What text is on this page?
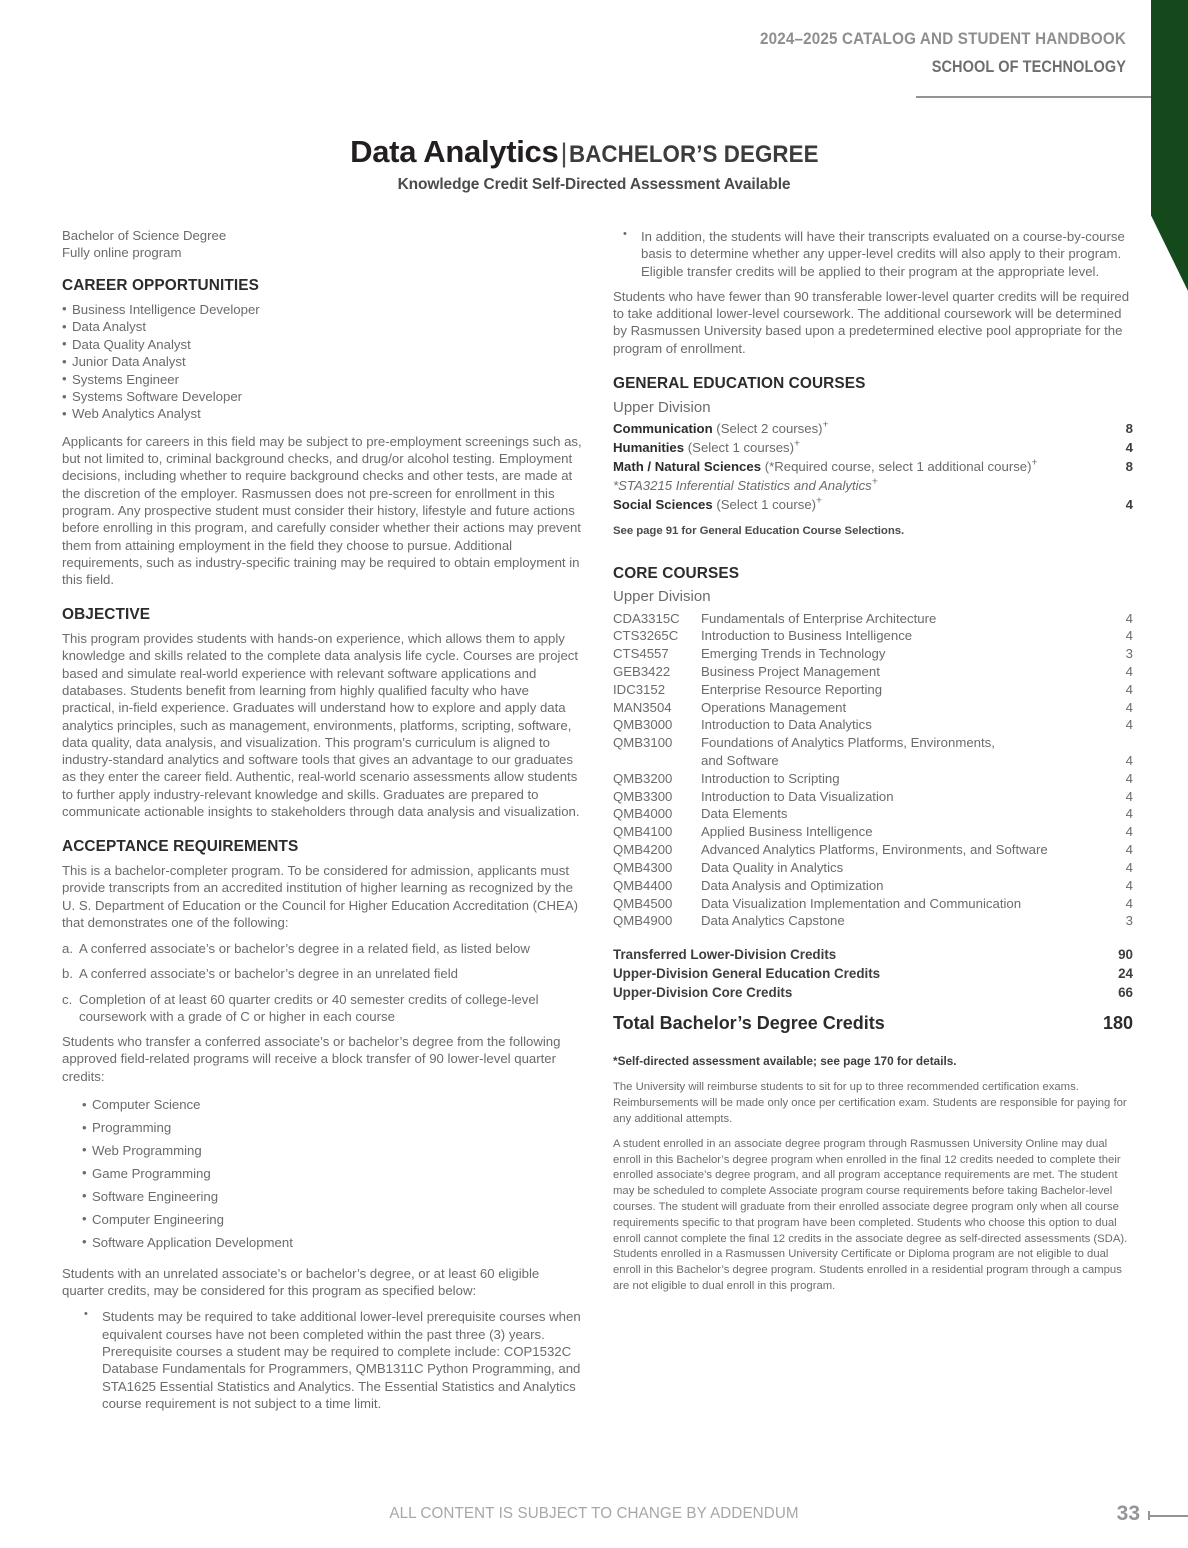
2024–2025 CATALOG AND STUDENT HANDBOOK
SCHOOL OF TECHNOLOGY
Data Analytics|BACHELOR’S DEGREE
Knowledge Credit Self-Directed Assessment Available
Bachelor of Science Degree
Fully online program
CAREER OPPORTUNITIES
• Business Intelligence Developer
• Data Analyst
• Data Quality Analyst
• Junior Data Analyst
• Systems Engineer
• Systems Software Developer
• Web Analytics Analyst

Applicants for careers in this field may be subject to pre-employment screenings such as, but not limited to, criminal background checks, and drug/or alcohol testing. Employment decisions, including whether to require background checks and other tests, are made at the discretion of the employer. Rasmussen does not pre-screen for enrollment in this program. Any prospective student must consider their history, lifestyle and future actions before enrolling in this program, and carefully consider whether their actions may prevent them from attaining employment in the field they choose to pursue. Additional requirements, such as industry-specific training may be required to obtain employment in this field.

OBJECTIVE

This program provides students with hands-on experience, which allows them to apply knowledge and skills related to the complete data analysis life cycle. Courses are project based and simulate real-world experience with relevant software applications and databases. Students benefit from learning from highly qualified faculty who have practical, in-field experience. Graduates will understand how to explore and apply data analytics principles, such as management, environments, platforms, scripting, software, data quality, data analysis, and visualization. This program's curriculum is aligned to industry-standard analytics and software tools that gives an advantage to our graduates as they enter the career field. Authentic, real-world scenario assessments allow students to further apply industry-relevant knowledge and skills. Graduates are prepared to communicate actionable insights to stakeholders through data analysis and visualization.

ACCEPTANCE REQUIREMENTS

This is a bachelor-completer program. To be considered for admission, applicants must provide transcripts from an accredited institution of higher learning as recognized by the U. S. Department of Education or the Council for Higher Education Accreditation (CHEA) that demonstrates one of the following:

a. A conferred associate’s or bachelor’s degree in a related field, as listed below
b. A conferred associate’s or bachelor’s degree in an unrelated field
c. Completion of at least 60 quarter credits or 40 semester credits of college-level coursework with a grade of C or higher in each course

Students who transfer a conferred associate’s or bachelor’s degree from the following approved field-related programs will receive a block transfer of 90 lower-level quarter credits:

• Computer Science
• Programming
• Web Programming
• Game Programming
• Software Engineering
• Computer Engineering
• Software Application Development

Students with an unrelated associate’s or bachelor’s degree, or at least 60 eligible quarter credits, may be considered for this program as specified below:

• Students may be required to take additional lower-level prerequisite courses when equivalent courses have not been completed within the past three (3) years. Prerequisite courses a student may be required to complete include: COP1532C Database Fundamentals for Programmers, QMB1311C Python Programming, and STA1625 Essential Statistics and Analytics. The Essential Statistics and Analytics course requirement is not subject to a time limit.
• In addition, the students will have their transcripts evaluated on a course-by-course basis to determine whether any upper-level credits will also apply to their program. Eligible transfer credits will be applied to their program at the appropriate level.

Students who have fewer than 90 transferable lower-level quarter credits will be required to take additional lower-level coursework. The additional coursework will be determined by Rasmussen University based upon a predetermined elective pool appropriate for the program of enrollment.

GENERAL EDUCATION COURSES
Upper Division
Communication (Select 2 courses)+	8
Humanities (Select 1 courses)+	4
Math / Natural Sciences (*Required course, select 1 additional course)+	8
*STA3215 Inferential Statistics and Analytics+
Social Sciences (Select 1 course)+	4

See page 91 for General Education Course Selections.

CORE COURSES
Upper Division
CDA3315C	Fundamentals of Enterprise Architecture	4
CTS3265C	Introduction to Business Intelligence	4
CTS4557	Emerging Trends in Technology	3
GEB3422	Business Project Management	4
IDC3152	Enterprise Resource Reporting	4
MAN3504	Operations Management	4
QMB3000	Introduction to Data Analytics	4
QMB3100	Foundations of Analytics Platforms, Environments,
and Software	4
QMB3200	Introduction to Scripting	4
QMB3300	Introduction to Data Visualization	4
QMB4000	Data Elements	4
QMB4100	Applied Business Intelligence	4
QMB4200	Advanced Analytics Platforms, Environments, and Software	4
QMB4300	Data Quality in Analytics	4
QMB4400	Data Analysis and Optimization	4
QMB4500	Data Visualization Implementation and Communication	4
QMB4900	Data Analytics Capstone	3
Transferred Lower-Division Credits	90
Upper-Division General Education Credits	24
Upper-Division Core Credits	66
Total Bachelor’s Degree Credits	180

*Self-directed assessment available; see page 170 for details.

The University will reimburse students to sit for up to three recommended certification exams. Reimbursements will be made only once per certification exam. Students are responsible for paying for any additional attempts.

A student enrolled in an associate degree program through Rasmussen University Online may dual enroll in this Bachelor’s degree program when enrolled in the final 12 credits needed to complete their enrolled associate’s degree program, and all program acceptance requirements are met. The student may be scheduled to complete Associate program course requirements before taking Bachelor-level courses. The student will graduate from their enrolled associate degree program only when all course requirements specific to that program have been completed. Students who choose this option to dual enroll cannot complete the final 12 credits in the associate degree as self-directed assessments (SDA). Students enrolled in a Rasmussen University Certificate or Diploma program are not eligible to dual enroll in this Bachelor’s degree program. Students enrolled in a residential program through a campus are not eligible to dual enroll in this program.

ALL CONTENT IS SUBJECT TO CHANGE BY ADDENDUM	33
